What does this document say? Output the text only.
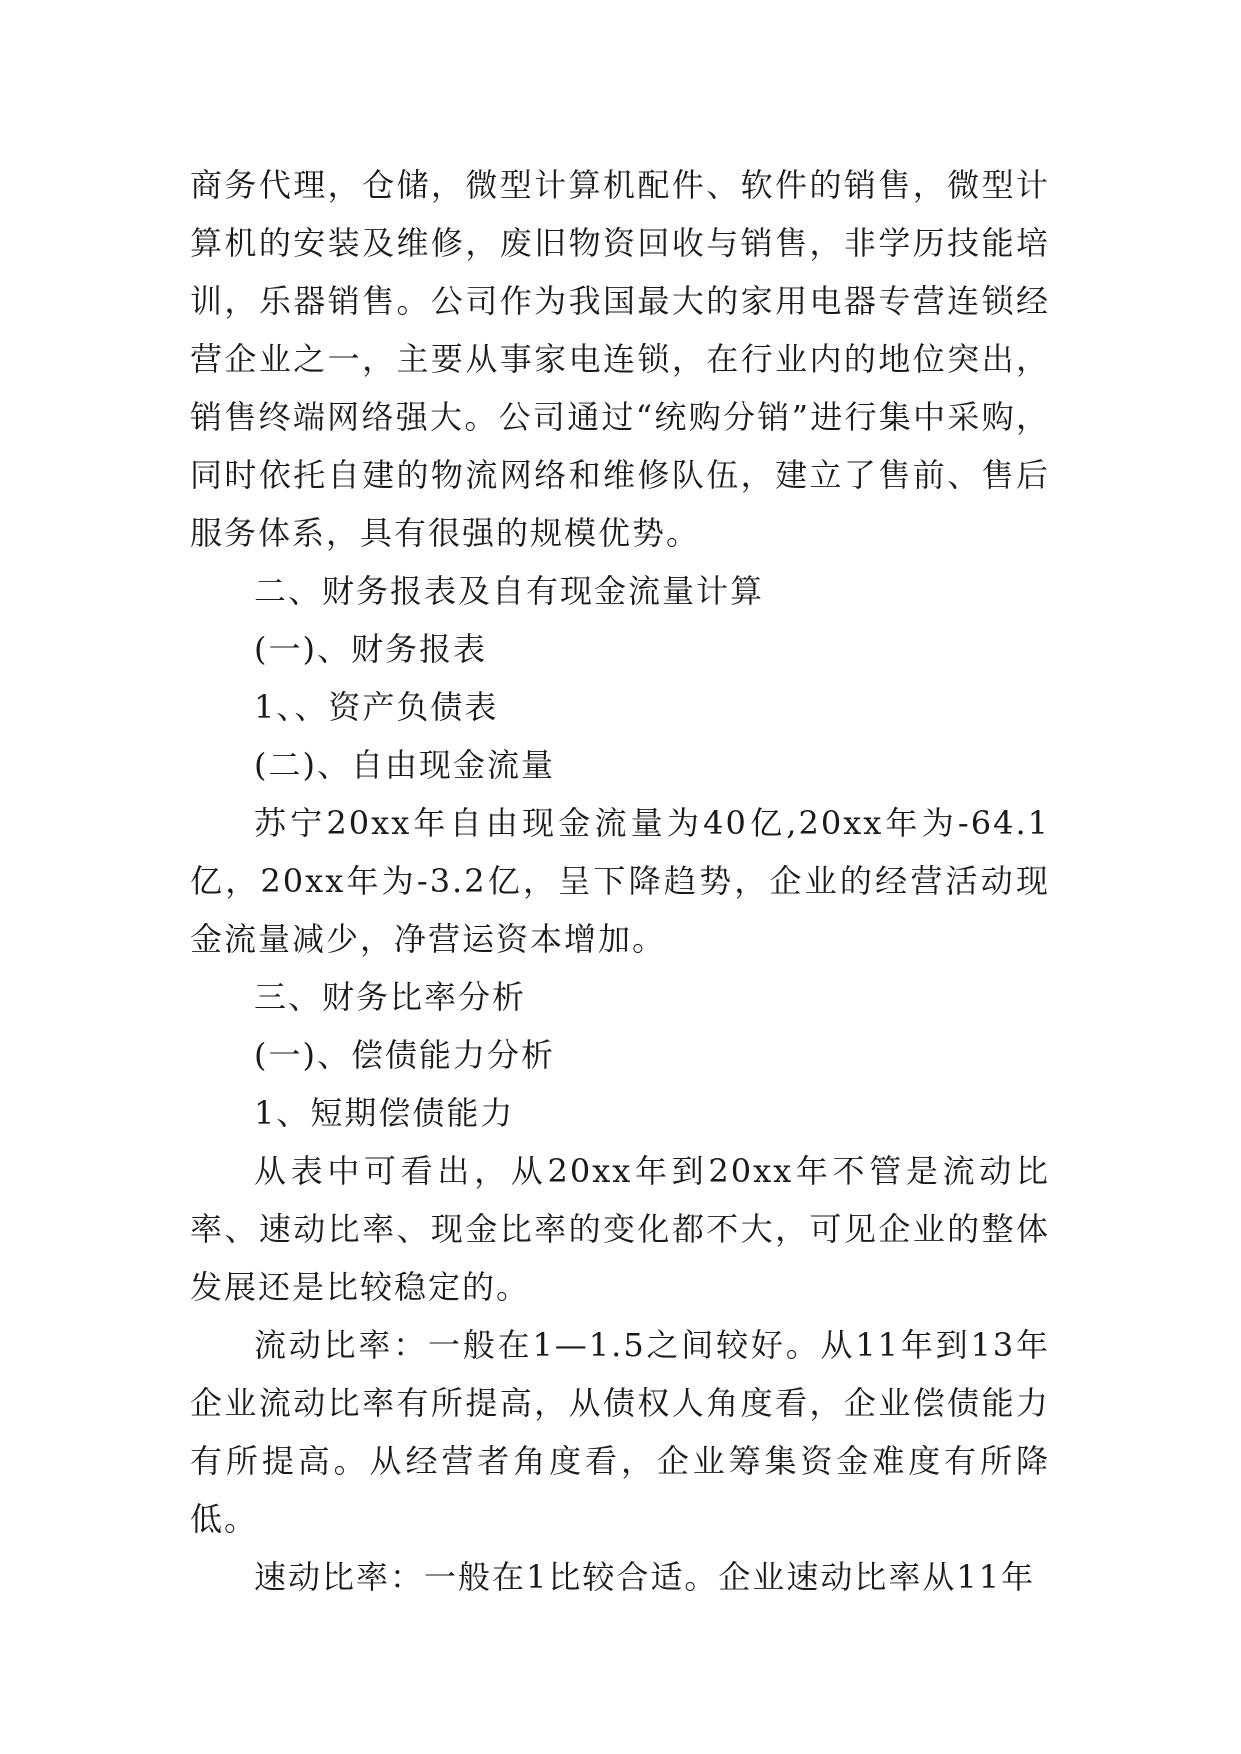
商务代理，仓储，微型计算机配件、软件的销售，微型计算机的安装及维修，废旧物资回收与销售，非学历技能培训，乐器销售。公司作为我国最大的家用电器专营连锁经营企业之一，主要从事家电连锁，在行业内的地位突出，销售终端网络强大。公司通过“统购分销”进行集中采购，同时依托自建的物流网络和维修队伍，建立了售前、售后服务体系，具有很强的规模优势。

二、财务报表及自有现金流量计算

(一)、财务报表

1、、资产负债表

(二)、自由现金流量

苏宁20xx年自由现金流量为40亿,20xx年为-64.1亿，20xx年为-3.2亿，呈下降趋势，企业的经营活动现金流量减少，净营运资本增加。

三、财务比率分析

(一)、偿债能力分析

1、短期偿债能力

从表中可看出，从20xx年到20xx年不管是流动比率、速动比率、现金比率的变化都不大，可见企业的整体发展还是比较稳定的。

流动比率：一般在1—1.5之间较好。从11年到13年企业流动比率有所提高，从债权人角度看，企业偿债能力有所提高。从经营者角度看，企业筹集资金难度有所降低。

速动比率：一般在1比较合适。企业速动比率从11年
